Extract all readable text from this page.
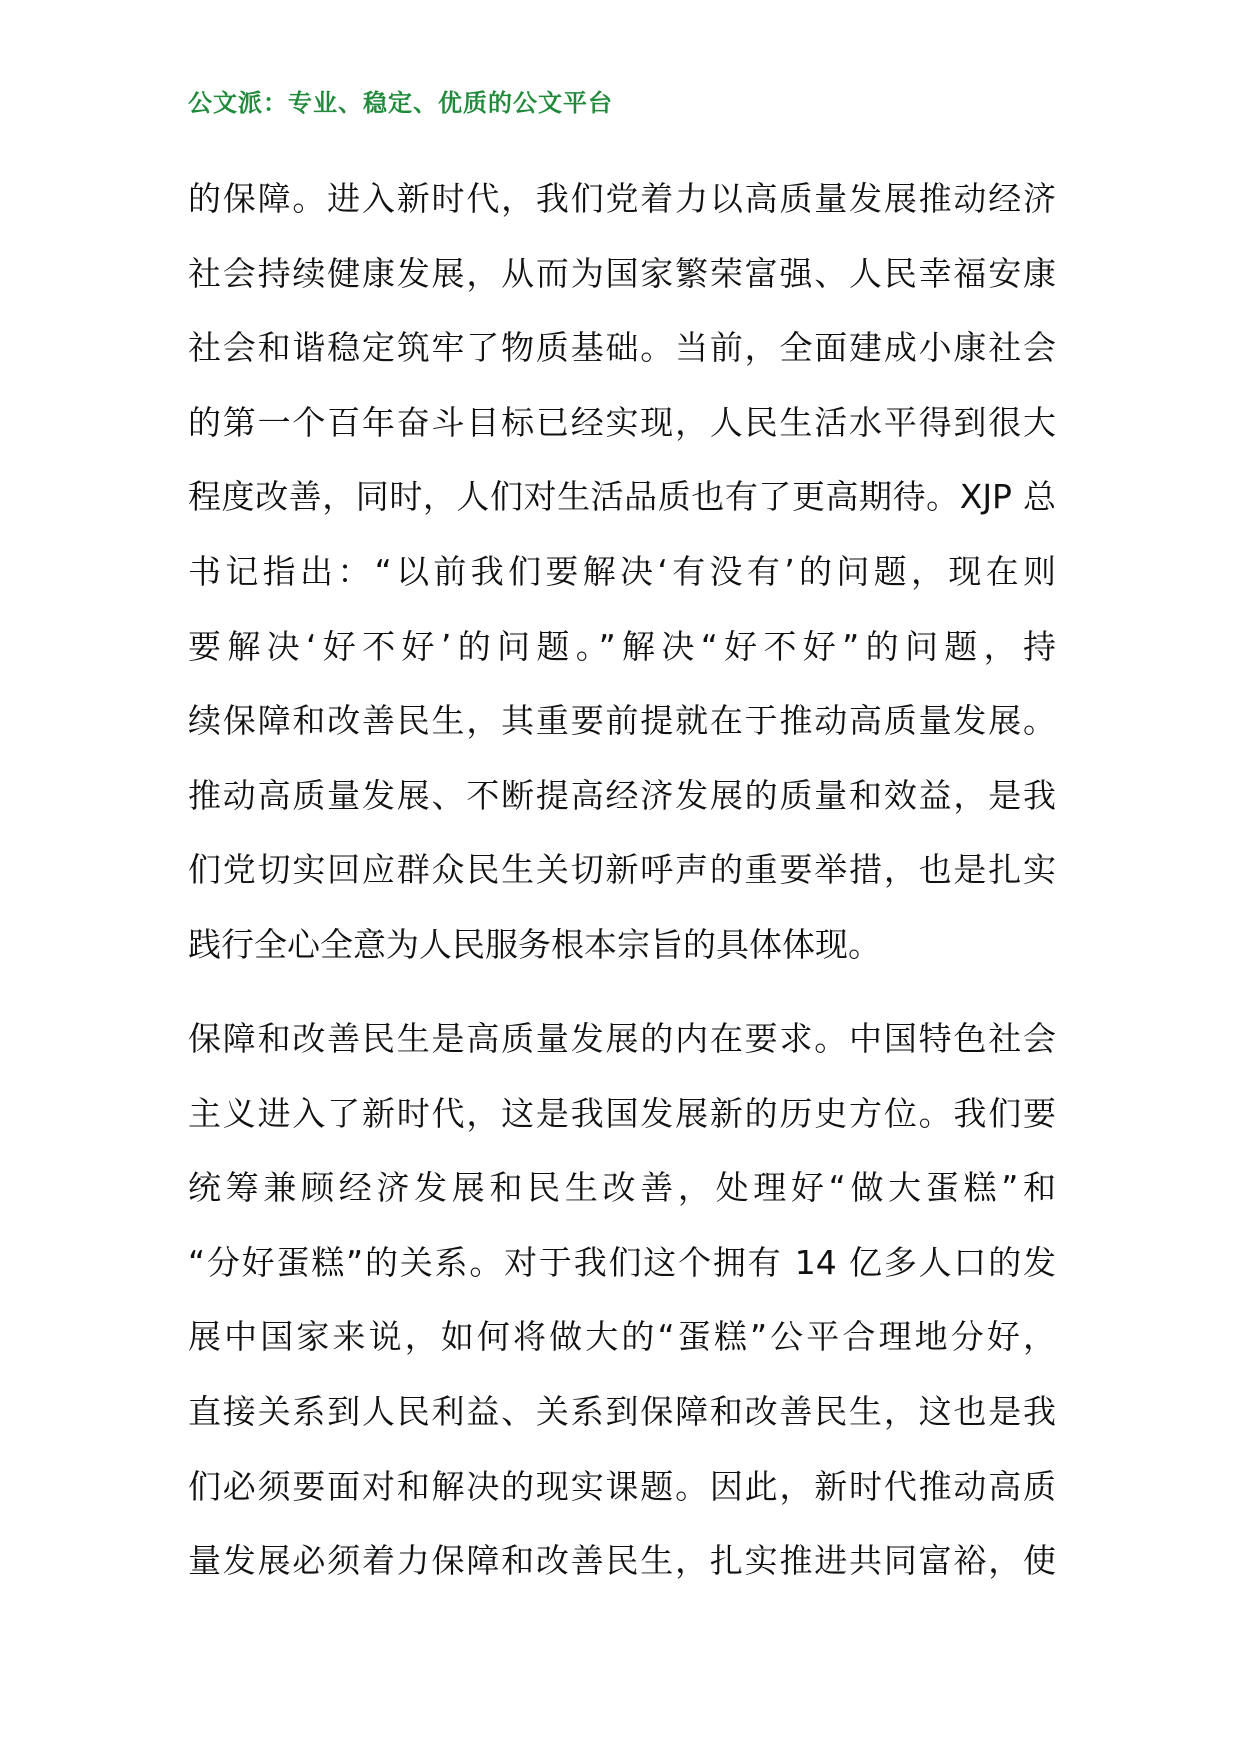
公文派：专业、稳定、优质的公文平台
的保障。进入新时代，我们党着力以高质量发展推动经济
社会持续健康发展，从而为国家繁荣富强、人民幸福安康
社会和谐稳定筑牢了物质基础。当前，全面建成小康社会
的第一个百年奋斗目标已经实现，人民生活水平得到很大
程度改善，同时，人们对生活品质也有了更高期待。XJP 总
书记指出：“以前我们要解决‘有没有’的问题，现在则
要解决‘好不好’的问题。”解决“好不好”的问题，持
续保障和改善民生，其重要前提就在于推动高质量发展。
推动高质量发展、不断提高经济发展的质量和效益，是我
们党切实回应群众民生关切新呼声的重要举措，也是扎实
践行全心全意为人民服务根本宗旨的具体体现。
保障和改善民生是高质量发展的内在要求。中国特色社会
主义进入了新时代，这是我国发展新的历史方位。我们要
统筹兼顾经济发展和民生改善，处理好“做大蛋糕”和
“分好蛋糕”的关系。对于我们这个拥有 14 亿多人口的发
展中国家来说，如何将做大的“蛋糕”公平合理地分好，
直接关系到人民利益、关系到保障和改善民生，这也是我
们必须要面对和解决的现实课题。因此，新时代推动高质
量发展必须着力保障和改善民生，扎实推进共同富裕，使
